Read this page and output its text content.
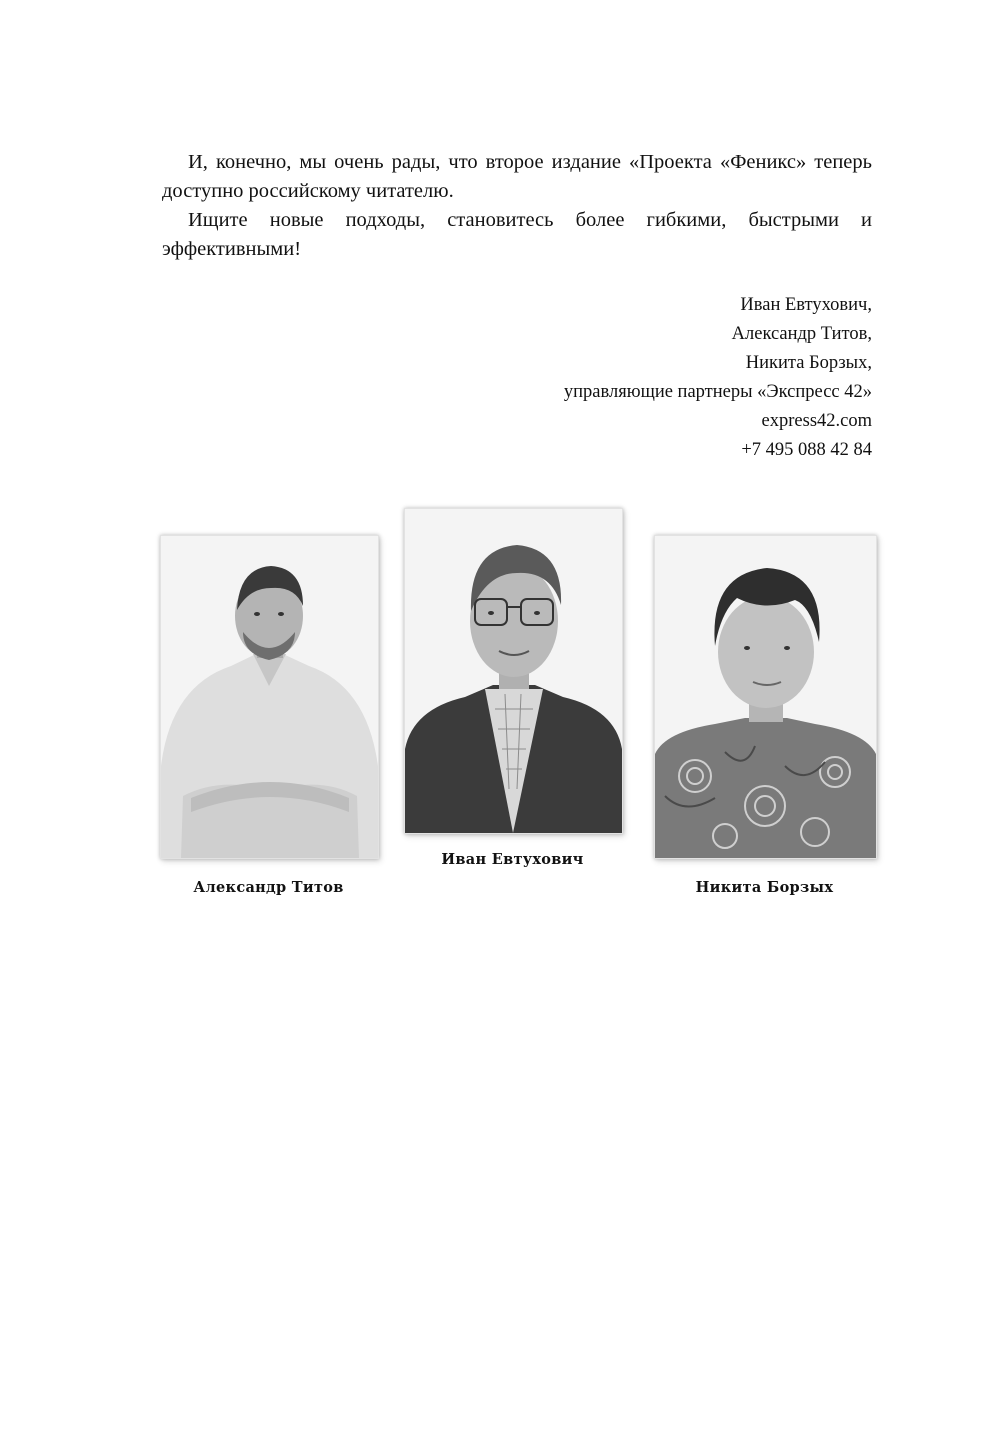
И, конечно, мы очень рады, что второе издание «Проекта «Феникс» теперь доступно российскому читателю.

Ищите новые подходы, становитесь более гибкими, быстрыми и эффективными!

Иван Евтухович,
Александр Титов,
Никита Борзых,
управляющие партнеры «Экспресс 42»
express42.com
+7 495 088 42 84
Александр Титов
Иван Евтухович
Никита Борзых
